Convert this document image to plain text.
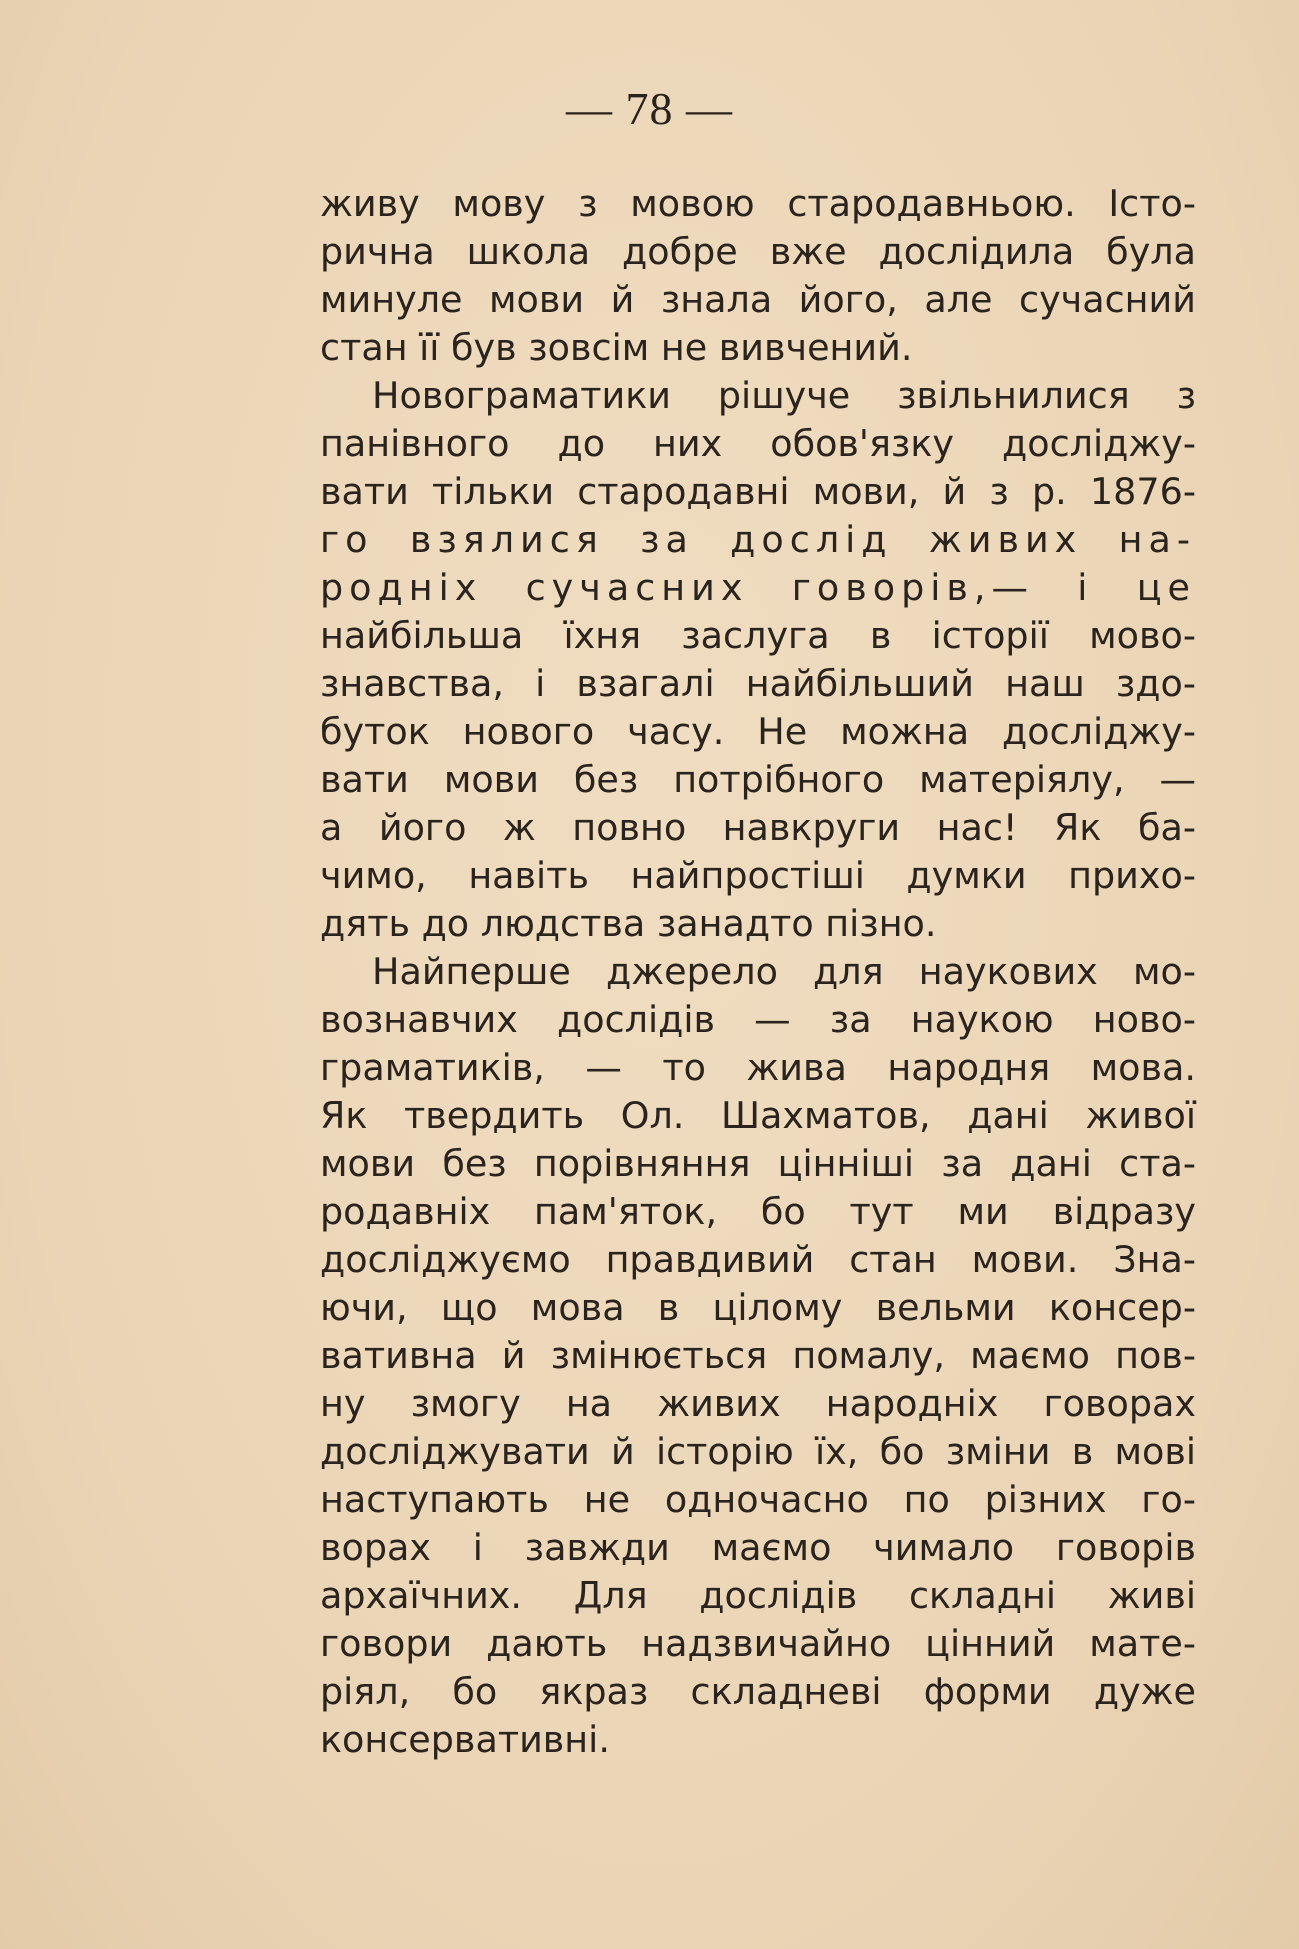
— 78 —

живу мову з мовою стародавньою. Істо-
рична школа добре вже дослідила була
минуле мови й знала його, але сучасний
стан її був зовсім не вивчений.

Новограматики рішуче звільнилися з
панівного до них обов'язку досліджу-
вати тільки стародавні мови, й з р. 1876-
го взялися за дослід живих на-
родніх сучасних говорів,— і це
найбільша їхня заслуга в історії мово-
знавства, і взагалі найбільший наш здо-
буток нового часу. Не можна досліджу-
вати мови без потрібного матеріялу, —
а його ж повно навкруги нас! Як ба-
чимо, навіть найпростіші думки прихо-
дять до людства занадто пізно.

Найперше джерело для наукових мо-
вознавчих дослідів — за наукою ново-
граматиків, — то жива народня мова.
Як твердить Ол. Шахматов, дані живої
мови без порівняння цінніші за дані ста-
родавніх пам'яток, бо тут ми відразу
досліджуємо правдивий стан мови. Зна-
ючи, що мова в цілому вельми консер-
вативна й змінюється помалу, маємо пов-
ну змогу на живих народніх говорах
досліджувати й історію їх, бо зміни в мові
наступають не одночасно по різних го-
ворах і завжди маємо чимало говорів
архаїчних. Для дослідів складні живі
говори дають надзвичайно цінний мате-
ріял, бо якраз складневі форми дуже
консервативні.
